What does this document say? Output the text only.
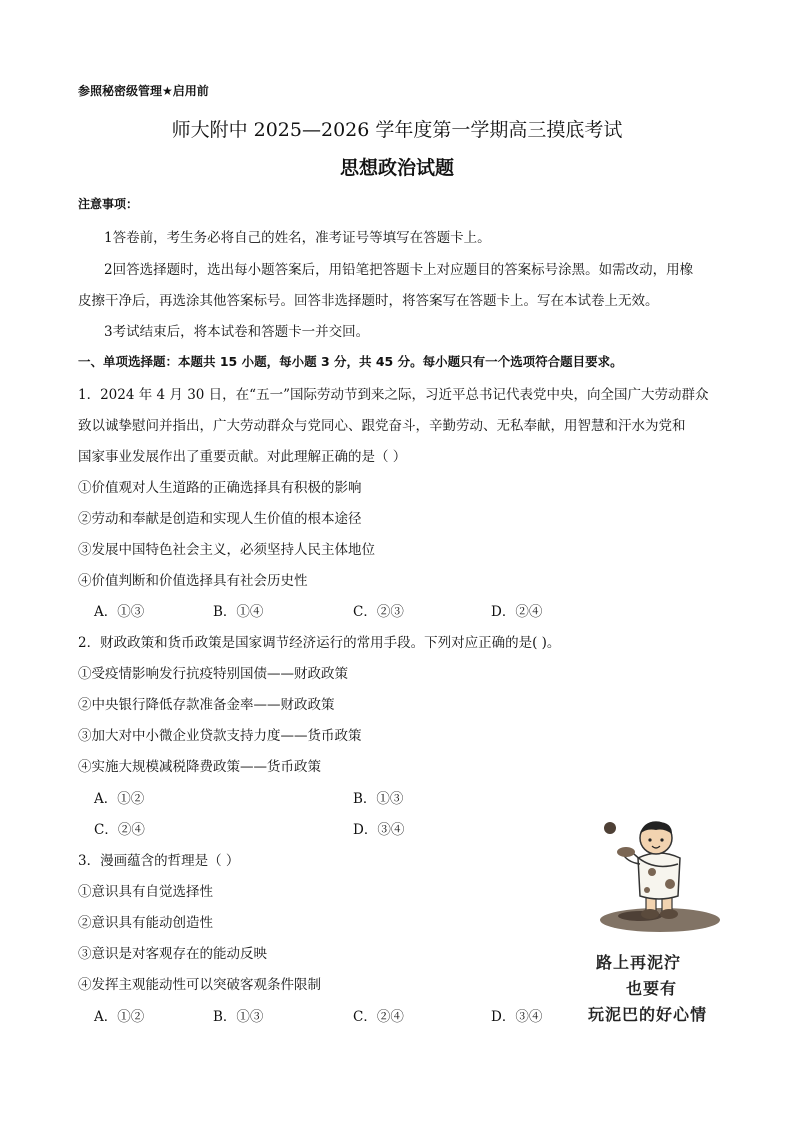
参照秘密级管理★启用前
师大附中 2025—2026 学年度第一学期高三摸底考试
思想政治试题
注意事项：
1答卷前，考生务必将自己的姓名，准考证号等填写在答题卡上。
2回答选择题时，选出每小题答案后，用铅笔把答题卡上对应题目的答案标号涂黑。如需改动，用橡
皮擦干净后，再选涂其他答案标号。回答非选择题时，将答案写在答题卡上。写在本试卷上无效。
3考试结束后，将本试卷和答题卡一并交回。
一、单项选择题：本题共 15 小题，每小题 3 分，共 45 分。每小题只有一个选项符合题目要求。
1．2024 年 4 月 30 日，在“五一”国际劳动节到来之际，习近平总书记代表党中央，向全国广大劳动群众
致以诚挚慰问并指出，广大劳动群众与党同心、跟党奋斗，辛勤劳动、无私奉献，用智慧和汗水为党和
国家事业发展作出了重要贡献。对此理解正确的是（ ）
①价值观对人生道路的正确选择具有积极的影响
②劳动和奉献是创造和实现人生价值的根本途径
③发展中国特色社会主义，必须坚持人民主体地位
④价值判断和价值选择具有社会历史性
A．①③	B．①④	C．②③	D．②④
2．财政政策和货币政策是国家调节经济运行的常用手段。下列对应正确的是( )。
①受疫情影响发行抗疫特别国债——财政政策
②中央银行降低存款准备金率——财政政策
③加大对中小微企业贷款支持力度——货币政策
④实施大规模减税降费政策——货币政策
A．①②	B．①③
C．②④	D．③④
3．漫画蕴含的哲理是（ ）
①意识具有自觉选择性
②意识具有能动创造性
③意识是对客观存在的能动反映
④发挥主观能动性可以突破客观条件限制
A．①②	B．①③	C．②④	D．③④
路上再泥泞
也要有
玩泥巴的好心情
